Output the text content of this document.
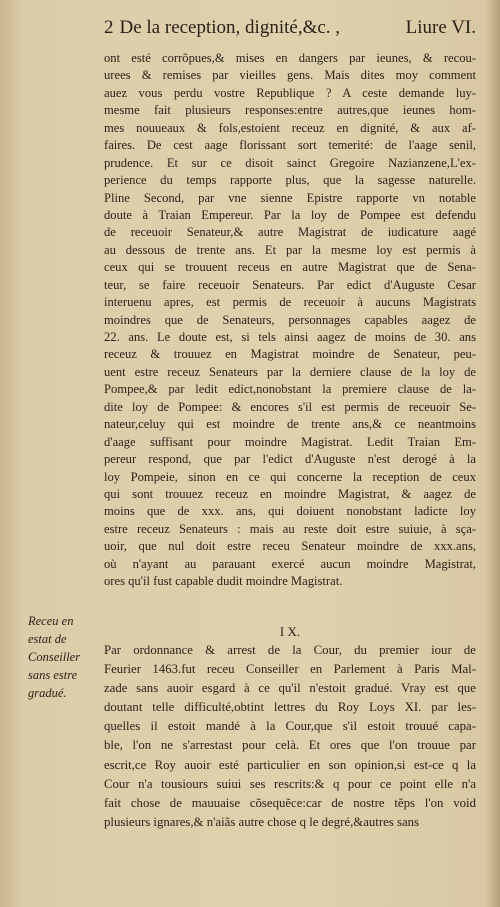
2 De la reception, dignité,&c. ,	Liure VI.
ont esté corrõpues,& mises en dangers par ieunes, & recou-
urees & remises par vieilles gens. Mais dites moy comment
auez vous perdu vostre Republique ? A ceste demande luy-
mesme fait plusieurs responses:entre autres,que ieunes hom-
mes nouueaux & fols,estoient receuz en dignité, & aux af-
faires. De cest aage florissant sort temerité: de l'aage senil,
prudence. Et sur ce disoit sainct Gregoire Nazianzene,L'ex-
perience du temps rapporte plus, que la sagesse naturelle.
Pline Second, par vne sienne Epistre rapporte vn notable
doute à Traian Empereur. Par la loy de Pompee est defendu
de receuoir Senateur,& autre Magistrat de iudicature aagé
au dessous de trente ans. Et par la mesme loy est permis à
ceux qui se trouuent receus en autre Magistrat que de Sena-
teur, se faire receuoir Senateurs. Par edict d'Auguste Cesar
interuenu apres, est permis de receuoir à aucuns Magistrats
moindres que de Senateurs, personnages capables aagez de
22. ans. Le doute est, si tels ainsi aagez de moins de 30. ans
receuz & trouuez en Magistrat moindre de Senateur, peu-
uent estre receuz Senateurs par la derniere clause de la loy de
Pompee,& par ledit edict,nonobstant la premiere clause de la-
dite loy de Pompee: & encores s'il est permis de receuoir Se-
nateur,celuy qui est moindre de trente ans,& ce neantmoins
d'aage suffisant pour moindre Magistrat. Ledit Traian Em-
pereur respond, que par l'edict d'Auguste n'est derogé à la
loy Pompeie, sinon en ce qui concerne la reception de ceux
qui sont trouuez receuz en moindre Magistrat, & aagez de
moins que de xxx. ans, qui doiuent nonobstant ladicte loy
estre receuz Senateurs : mais au reste doit estre suiuie, à sça-
uoir, que nul doit estre receu Senateur moindre de xxx.ans,
où n'ayant au parauant exercé aucun moindre Magistrat,
ores qu'il fust capable dudit moindre Magistrat.
I X.
Receu en
estat de
Conseiller
sans estre
gradué.
Par ordonnance & arrest de la Cour, du premier iour de
Feurier 1463.fut receu Conseiller en Parlement à Paris Mal-
zade sans auoir esgard à ce qu'il n'estoit gradué. Vray est que
doutant telle difficulté,obtint lettres du Roy Loys XI. par les-
quelles il estoit mandé à la Cour,que s'il estoit trouué capa-
ble, l'on ne s'arrestast pour celà. Et ores que l'on trouue par
escrit,ce Roy auoir esté particulier en son opinion,si est-ce q la
Cour n'a tousiours suiui ses rescrits:& q pour ce point elle n'a
fait chose de mauuaise cõsequẽce:car de nostre tẽps l'on void
plusieurs ignares,& n'aiãs autre chose q le degré,&autres sans
